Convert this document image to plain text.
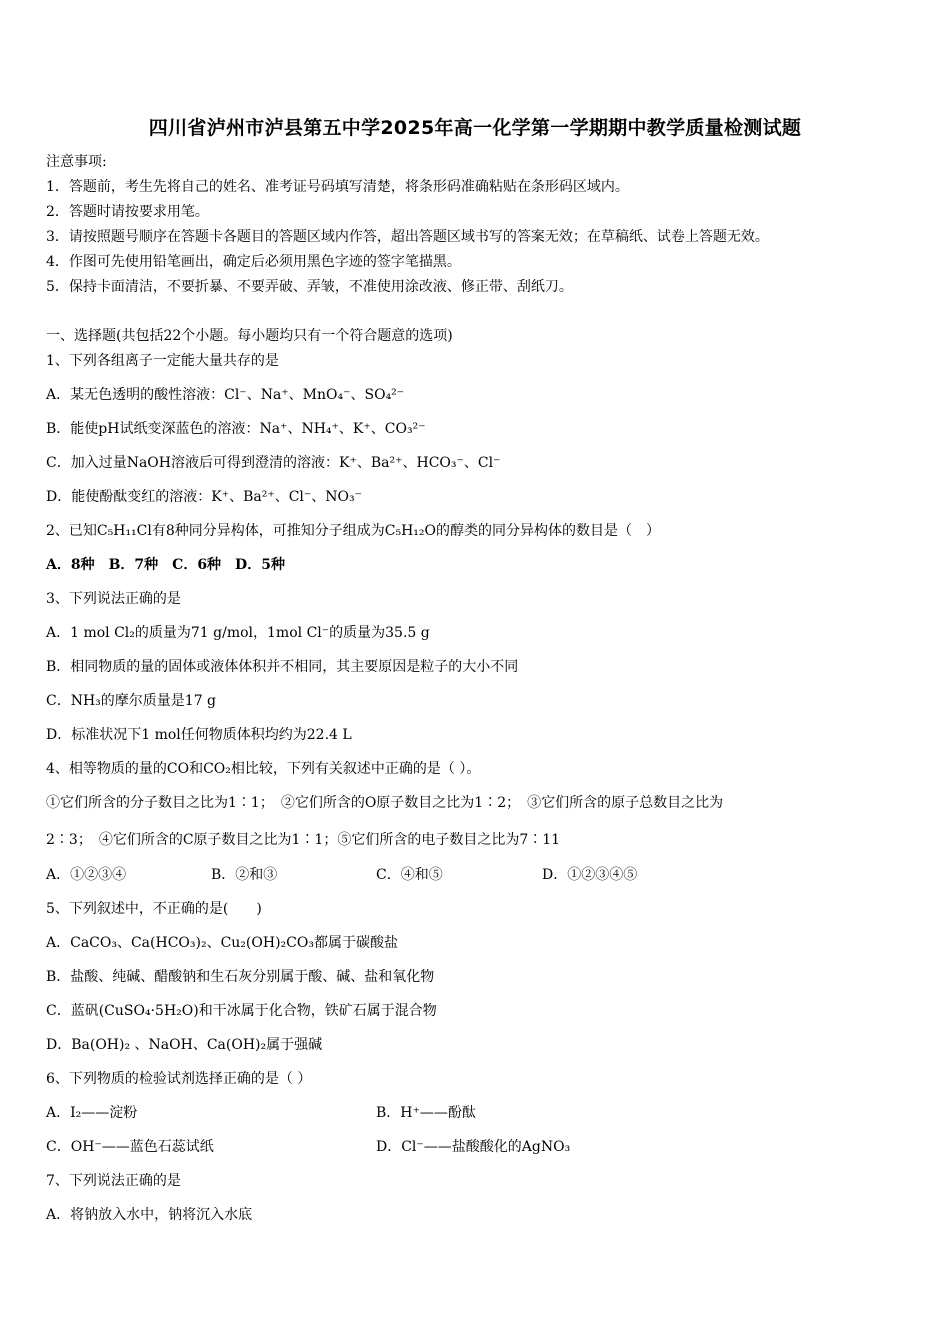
四川省泸州市泸县第五中学2025年高一化学第一学期期中教学质量检测试题
注意事项:
1．答题前，考生先将自己的姓名、准考证号码填写清楚，将条形码准确粘贴在条形码区域内。
2．答题时请按要求用笔。
3．请按照题号顺序在答题卡各题目的答题区域内作答，超出答题区域书写的答案无效；在草稿纸、试卷上答题无效。
4．作图可先使用铅笔画出，确定后必须用黑色字迹的签字笔描黑。
5．保持卡面清洁，不要折暴、不要弄破、弄皱，不准使用涂改液、修正带、刮纸刀。
一、选择题(共包括22个小题。每小题均只有一个符合题意的选项)
1、下列各组离子一定能大量共存的是
A．某无色透明的酸性溶液：Cl⁻、Na⁺、MnO₄⁻、SO₄²⁻
B．能使pH试纸变深蓝色的溶液：Na⁺、NH₄⁺、K⁺、CO₃²⁻
C．加入过量NaOH溶液后可得到澄清的溶液：K⁺、Ba²⁺、HCO₃⁻、Cl⁻
D．能使酚酞变红的溶液：K⁺、Ba²⁺、Cl⁻、NO₃⁻
2、已知C₅H₁₁Cl有8种同分异构体，可推知分子组成为C₅H₁₂O的醇类的同分异构体的数目是（　）
A．8种　B．7种　C．6种　D．5种
3、下列说法正确的是
A．1 mol Cl₂的质量为71 g/mol，1mol Cl⁻的质量为35.5 g
B．相同物质的量的固体或液体体积并不相同，其主要原因是粒子的大小不同
C．NH₃的摩尔质量是17 g
D．标准状况下1 mol任何物质体积均约为22.4 L
4、相等物质的量的CO和CO₂相比较，下列有关叙述中正确的是（ ）。
①它们所含的分子数目之比为1∶1；　②它们所含的O原子数目之比为1∶2；　③它们所含的原子总数目之比为
2∶3；　④它们所含的C原子数目之比为1∶1；⑤它们所含的电子数目之比为7∶11
A．①②③④	B．②和③	C．④和⑤	D．①②③④⑤
5、下列叙述中，不正确的是(　　)
A．CaCO₃、Ca(HCO₃)₂、Cu₂(OH)₂CO₃都属于碳酸盐
B．盐酸、纯碱、醋酸钠和生石灰分别属于酸、碱、盐和氧化物
C．蓝矾(CuSO₄·5H₂O)和干冰属于化合物，铁矿石属于混合物
D．Ba(OH)₂ 、NaOH、Ca(OH)₂属于强碱
6、下列物质的检验试剂选择正确的是（ ）
A．I₂——淀粉	B．H⁺——酚酞
C．OH⁻——蓝色石蕊试纸	D．Cl⁻——盐酸酸化的AgNO₃
7、下列说法正确的是
A．将钠放入水中，钠将沉入水底
